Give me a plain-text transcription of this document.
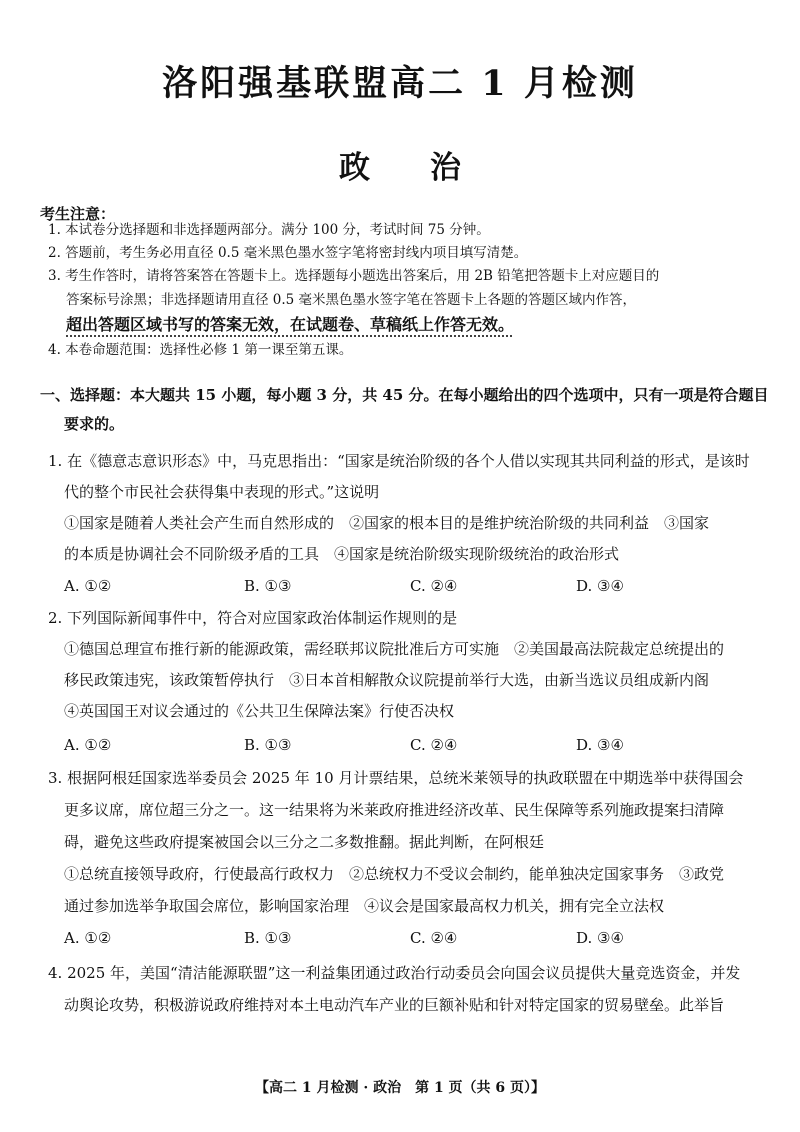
洛阳强基联盟高二 1 月检测
政治
考生注意：
1. 本试卷分选择题和非选择题两部分。满分 100 分，考试时间 75 分钟。
2. 答题前，考生务必用直径 0.5 毫米黑色墨水签字笔将密封线内项目填写清楚。
3. 考生作答时，请将答案答在答题卡上。选择题每小题选出答案后，用 2B 铅笔把答题卡上对应题目的
答案标号涂黑；非选择题请用直径 0.5 毫米黑色墨水签字笔在答题卡上各题的答题区域内作答，
超出答题区域书写的答案无效，在试题卷、草稿纸上作答无效。
4. 本卷命题范围：选择性必修 1 第一课至第五课。
一、选择题：本大题共 15 小题，每小题 3 分，共 45 分。在每小题给出的四个选项中，只有一项是符合题目
要求的。
1. 在《德意志意识形态》中，马克思指出：“国家是统治阶级的各个人借以实现其共同利益的形式，是该时
代的整个市民社会获得集中表现的形式。”这说明
①国家是随着人类社会产生而自然形成的　②国家的根本目的是维护统治阶级的共同利益　③国家
的本质是协调社会不同阶级矛盾的工具　④国家是统治阶级实现阶级统治的政治形式
A. ①②	B. ①③	C. ②④	D. ③④
2. 下列国际新闻事件中，符合对应国家政治体制运作规则的是
①德国总理宣布推行新的能源政策，需经联邦议院批准后方可实施　②美国最高法院裁定总统提出的
移民政策违宪，该政策暂停执行　③日本首相解散众议院提前举行大选，由新当选议员组成新内阁
④英国国王对议会通过的《公共卫生保障法案》行使否决权
A. ①②	B. ①③	C. ②④	D. ③④
3. 根据阿根廷国家选举委员会 2025 年 10 月计票结果，总统米莱领导的执政联盟在中期选举中获得国会
更多议席，席位超三分之一。这一结果将为米莱政府推进经济改革、民生保障等系列施政提案扫清障
碍，避免这些政府提案被国会以三分之二多数推翻。据此判断，在阿根廷
①总统直接领导政府，行使最高行政权力　②总统权力不受议会制约，能单独决定国家事务　③政党
通过参加选举争取国会席位，影响国家治理　④议会是国家最高权力机关，拥有完全立法权
A. ①②	B. ①③	C. ②④	D. ③④
4. 2025 年，美国“清洁能源联盟”这一利益集团通过政治行动委员会向国会议员提供大量竞选资金，并发
动舆论攻势，积极游说政府维持对本土电动汽车产业的巨额补贴和针对特定国家的贸易壁垒。此举旨
【高二 1 月检测 · 政治　第 1 页（共 6 页）】
